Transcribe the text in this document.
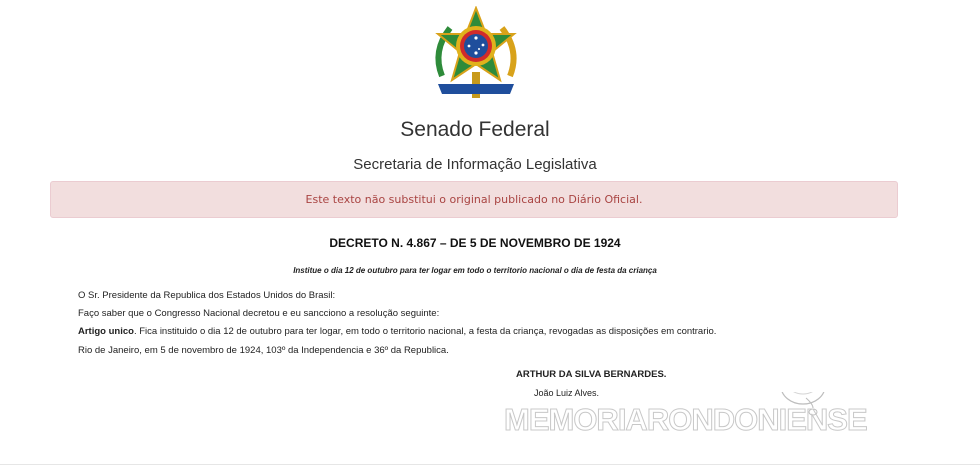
Senado Federal
Secretaria de Informação Legislativa
Este texto não substitui o original publicado no Diário Oficial.
DECRETO N. 4.867 – DE 5 DE NOVEMBRO DE 1924
Institue o dia 12 de outubro para ter logar em todo o territorio nacional o dia de festa da criança
O Sr. Presidente da Republica dos Estados Unidos do Brasil:
Faço saber que o Congresso Nacional decretou e eu sancciono a resolução seguinte:
Artigo unico. Fica instituido o dia 12 de outubro para ter logar, em todo o territorio nacional, a festa da criança, revogadas as disposições em contrario.
Rio de Janeiro, em 5 de novembro de 1924, 103º da Independencia e 36º da Republica.
ARTHUR DA SILVA BERNARDES.
João Luiz Alves.
MEMORIARONDONIENSE
